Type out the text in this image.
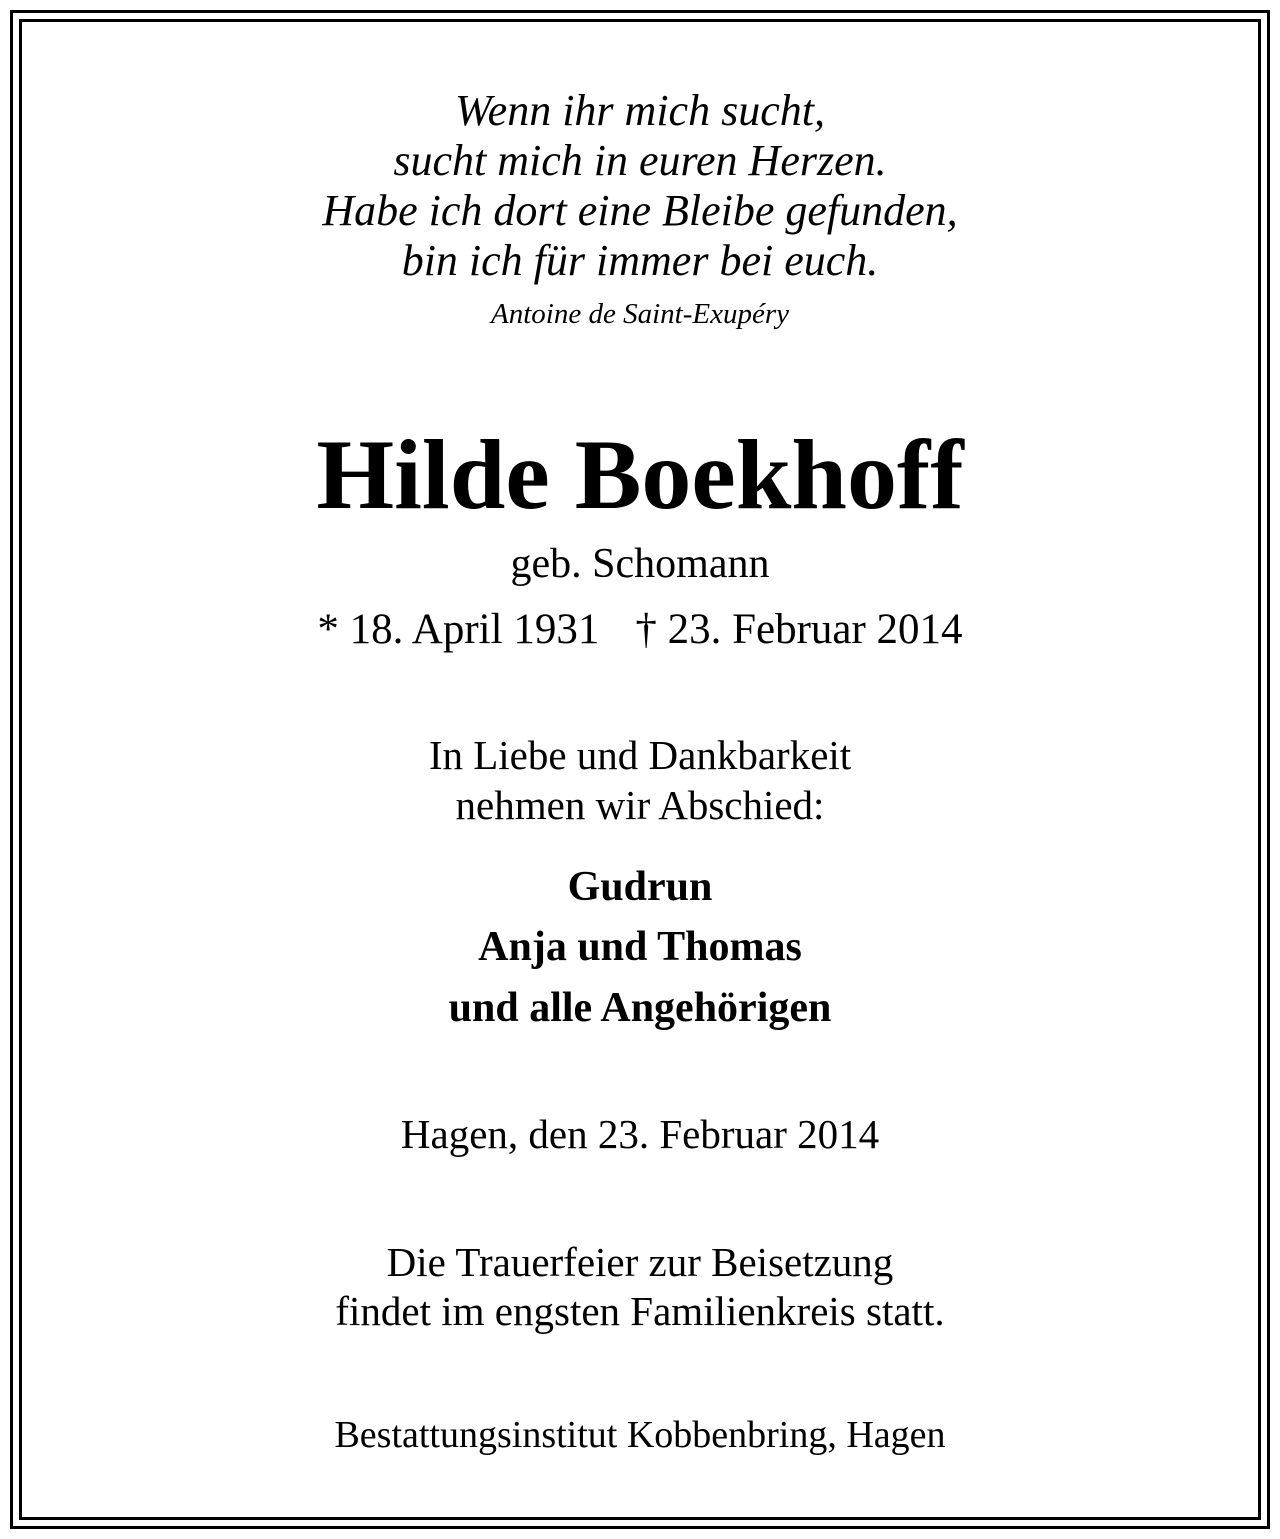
Wenn ihr mich sucht,
sucht mich in euren Herzen.
Habe ich dort eine Bleibe gefunden,
bin ich für immer bei euch.
Antoine de Saint-Exupéry
Hilde Boekhoff
geb. Schomann
* 18. April 1931 † 23. Februar 2014
In Liebe und Dankbarkeit
nehmen wir Abschied:
Gudrun
Anja und Thomas
und alle Angehörigen
Hagen, den 23. Februar 2014
Die Trauerfeier zur Beisetzung
findet im engsten Familienkreis statt.
Bestattungsinstitut Kobbenbring, Hagen
